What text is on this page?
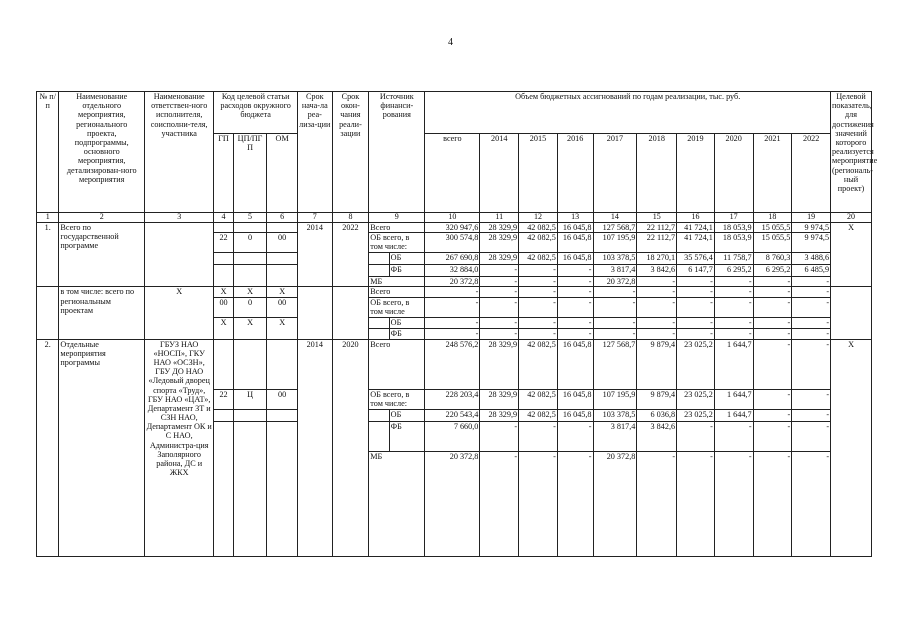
4
№ п/п	Наименование отдельного мероприятия, регионального проекта, подпрограммы, основного мероприятия, детализирован-ного мероприятия	Наименование ответствен-ного исполнителя, соисполни-теля, участника	Код целевой статьи расходов окружного бюджета			Срок нача-ла реа-лиза-ции	Срок окон-чания реали-зации	Источник финанси-рования		Объем бюджетных ассигнований по годам реализации, тыс. руб.										Целевой показатель, для достижения значений которого реализуется мероприятие (региональ-ный проект)
			ГП	ЦП/ПГ П	ОМ					всего	2014	2015	2016	2017	2018	2019	2020	2021	2022	

1	2	3	4	5	6	7	8	9		10	11	12	13	14	15	16	17	18	19	20
1.	Всего по государственной программе					2014	2022	Всего		320 947,6	28 329,9	42 082,5	16 045,8	127 568,7	22 112,7	41 724,1	18 053,9	15 055,5	9 974,5	Х
			22	0	00			ОБ всего, в том числе:		300 574,8	28 329,9	42 082,5	16 045,8	107 195,9	22 112,7	41 724,1	18 053,9	15 055,5	9 974,5	
									ОБ	267 690,8	28 329,9	42 082,5	16 045,8	103 378,5	18 270,1	35 576,4	11 758,7	8 760,3	3 488,6	
									ФБ	32 884,0	-	-	-	3 817,4	3 842,6	6 147,7	6 295,2	6 295,2	6 485,9	
								МБ		20 372,8	-	-	-	20 372,8	-	-	-	-	-	
	в том числе: всего по региональным проектам	Х	Х	Х	Х			Всего		-	-	-	-	-	-	-	-	-	-	
			00	0	00			ОБ всего, в том числе		-	-	-	-	-	-	-	-	-	-	
			Х	Х	Х				ОБ	-	-	-	-	-	-	-	-	-	-	
									ФБ	-	-	-	-	-	-	-	-	-	-	
2.	Отдельные мероприятия программы	ГБУЗ НАО «НОСП», ГКУ НАО «ОСЗН», ГБУ ДО НАО «Ледовый дворец спорта «Труд», ГБУ НАО «ЦАТ», Департамент ЗТ и СЗН НАО, Департамент ОК и С НАО, Администра-ция Заполярного района, ДС и ЖКХ				2014	2020	Всего		248 576,2	28 329,9	42 082,5	16 045,8	127 568,7	9 879,4	23 025,2	1 644,7	-	-	Х
			22	Ц	00			ОБ всего, в том числе:		228 203,4	28 329,9	42 082,5	16 045,8	107 195,9	9 879,4	23 025,2	1 644,7	-	-	
									ОБ	220 543,4	28 329,9	42 082,5	16 045,8	103 378,5	6 036,8	23 025,2	1 644,7	-	-	
									ФБ	7 660,0	-	-	-	3 817,4	3 842,6	-	-	-	-	
								МБ		20 372,8	-	-	-	20 372,8	-	-	-	-	-	
